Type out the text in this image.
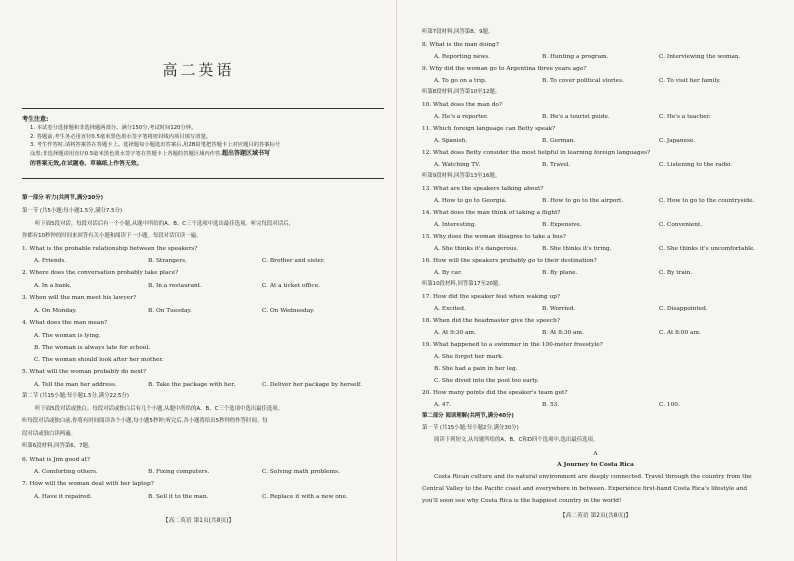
高二英语
考生注意:

1. 本试卷分选择题和非选择题两部分。满分150分,考试时间120分钟。

2. 答题前,考生务必用直径0.5毫米黑色墨水签字笔将密封线内项目填写清楚。

3. 考生作答时,请将答案答在答题卡上。选择题每小题选出答案后,用2B铅笔把答题卡上对应题目的答案标号

涂黑;非选择题请用直径0.5毫米黑色墨水签字笔在答题卡上各题的答题区域内作答,超出答题区域书写

的答案无效,在试题卷、草稿纸上作答无效。

第一部分 听力(共两节,满分30分)
第一节 (共5小题;每小题1.5分,满分7.5分)
听下面5段对话。每段对话后有一个小题,从题中所给的A、B、C三个选项中选出最佳选项。听完每段对话后,
你都有10秒钟的时间来回答有关小题和阅读下一小题。每段对话仅读一遍。
1. What is the probable relationship between the speakers?
A. Friends.	B. Strangers.	C. Brother and sister.
2. Where does the conversation probably take place?
A. In a bank.	B. In a restaurant.	C. At a ticket office.
3. When will the man meet his lawyer?
A. On Monday.	B. On Tuesday.	C. On Wednesday.
4. What does the man mean?
A. The woman is lying.
B. The woman is always late for school.
C. The woman should look after her mother.
5. What will the woman probably do next?
A. Tell the man her address.	B. Take the package with her.	C. Deliver her package by herself.
第二节 (共15小题;每小题1.5分,满分22.5分)
听下面5段对话或独白。每段对话或独白后有几个小题,从题中所给的A、B、C三个选项中选出最佳选项。
听每段对话或独白前,你将有时间阅读各个小题,每小题5秒钟;听完后,各小题将给出5秒钟的作答时间。每
段对话或独白读两遍。
听第6段材料,回答第6、7题。
6. What is Jim good at?
A. Comforting others.	B. Fixing computers.	C. Solving math problems.
7. How will the woman deal with her laptop?
A. Have it repaired.	B. Sell it to the man.	C. Replace it with a new one.
【高二英语 第1页(共8页)】
听第7段材料,回答第8、9题。
8. What is the man doing?
A. Reporting news.	B. Hunting a program.	C. Interviewing the woman.
9. Why did the woman go to Argentina three years ago?
A. To go on a trip.	B. To cover political stories.	C. To visit her family.
听第8段材料,回答第10至12题。
10. What does the man do?
A. He's a reporter.	B. He's a tourist guide.	C. He's a teacher.
11. Which foreign language can Betty speak?
A. Spanish.	B. German.	C. Japanese.
12. What does Betty consider the most helpful in learning foreign languages?
A. Watching TV.	B. Travel.	C. Listening to the radio.
听第9段材料,回答第13至16题。
13. What are the speakers talking about?
A. How to go to Georgia.	B. How to go to the airport.	C. How to go to the countryside.
14. What does the man think of taking a flight?
A. Interesting.	B. Expensive.	C. Convenient.
15. Why does the woman disagree to take a bus?
A. She thinks it's dangerous.	B. She thinks it's tiring.	C. She thinks it's uncomfortable.
16. How will the speakers probably go to their destination?
A. By car.	B. By plane.	C. By train.
听第10段材料,回答第17至20题。
17. How did the speaker feel when waking up?
A. Excited.	B. Worried.	C. Disappointed.
18. When did the headmaster give the speech?
A. At 9:30 am.	B. At 8:30 am.	C. At 8:00 am.
19. What happened to a swimmer in the 100-meter freestyle?
A. She forgot her mark.
B. She had a pain in her leg.
C. She dived into the pool too early.
20. How many points did the speaker's team get?
A. 47.	B. 53.	C. 100.
第二部分 阅读理解(共两节,满分40分)
第一节 (共15小题;每小题2分,满分30分)
阅读下列短文,从每题所给的A、B、C和D四个选项中,选出最佳选项。
A
A Journey to Costa Rica
Costa Rican culture and its natural environment are deeply connected. Travel through the country from the
Central Valley to the Pacific coast and everywhere in between. Experience first-hand Costa Rica's lifestyle and
you'll soon see why Costa Rica is the happiest country in the world!
【高二英语 第2页(共8页)】
